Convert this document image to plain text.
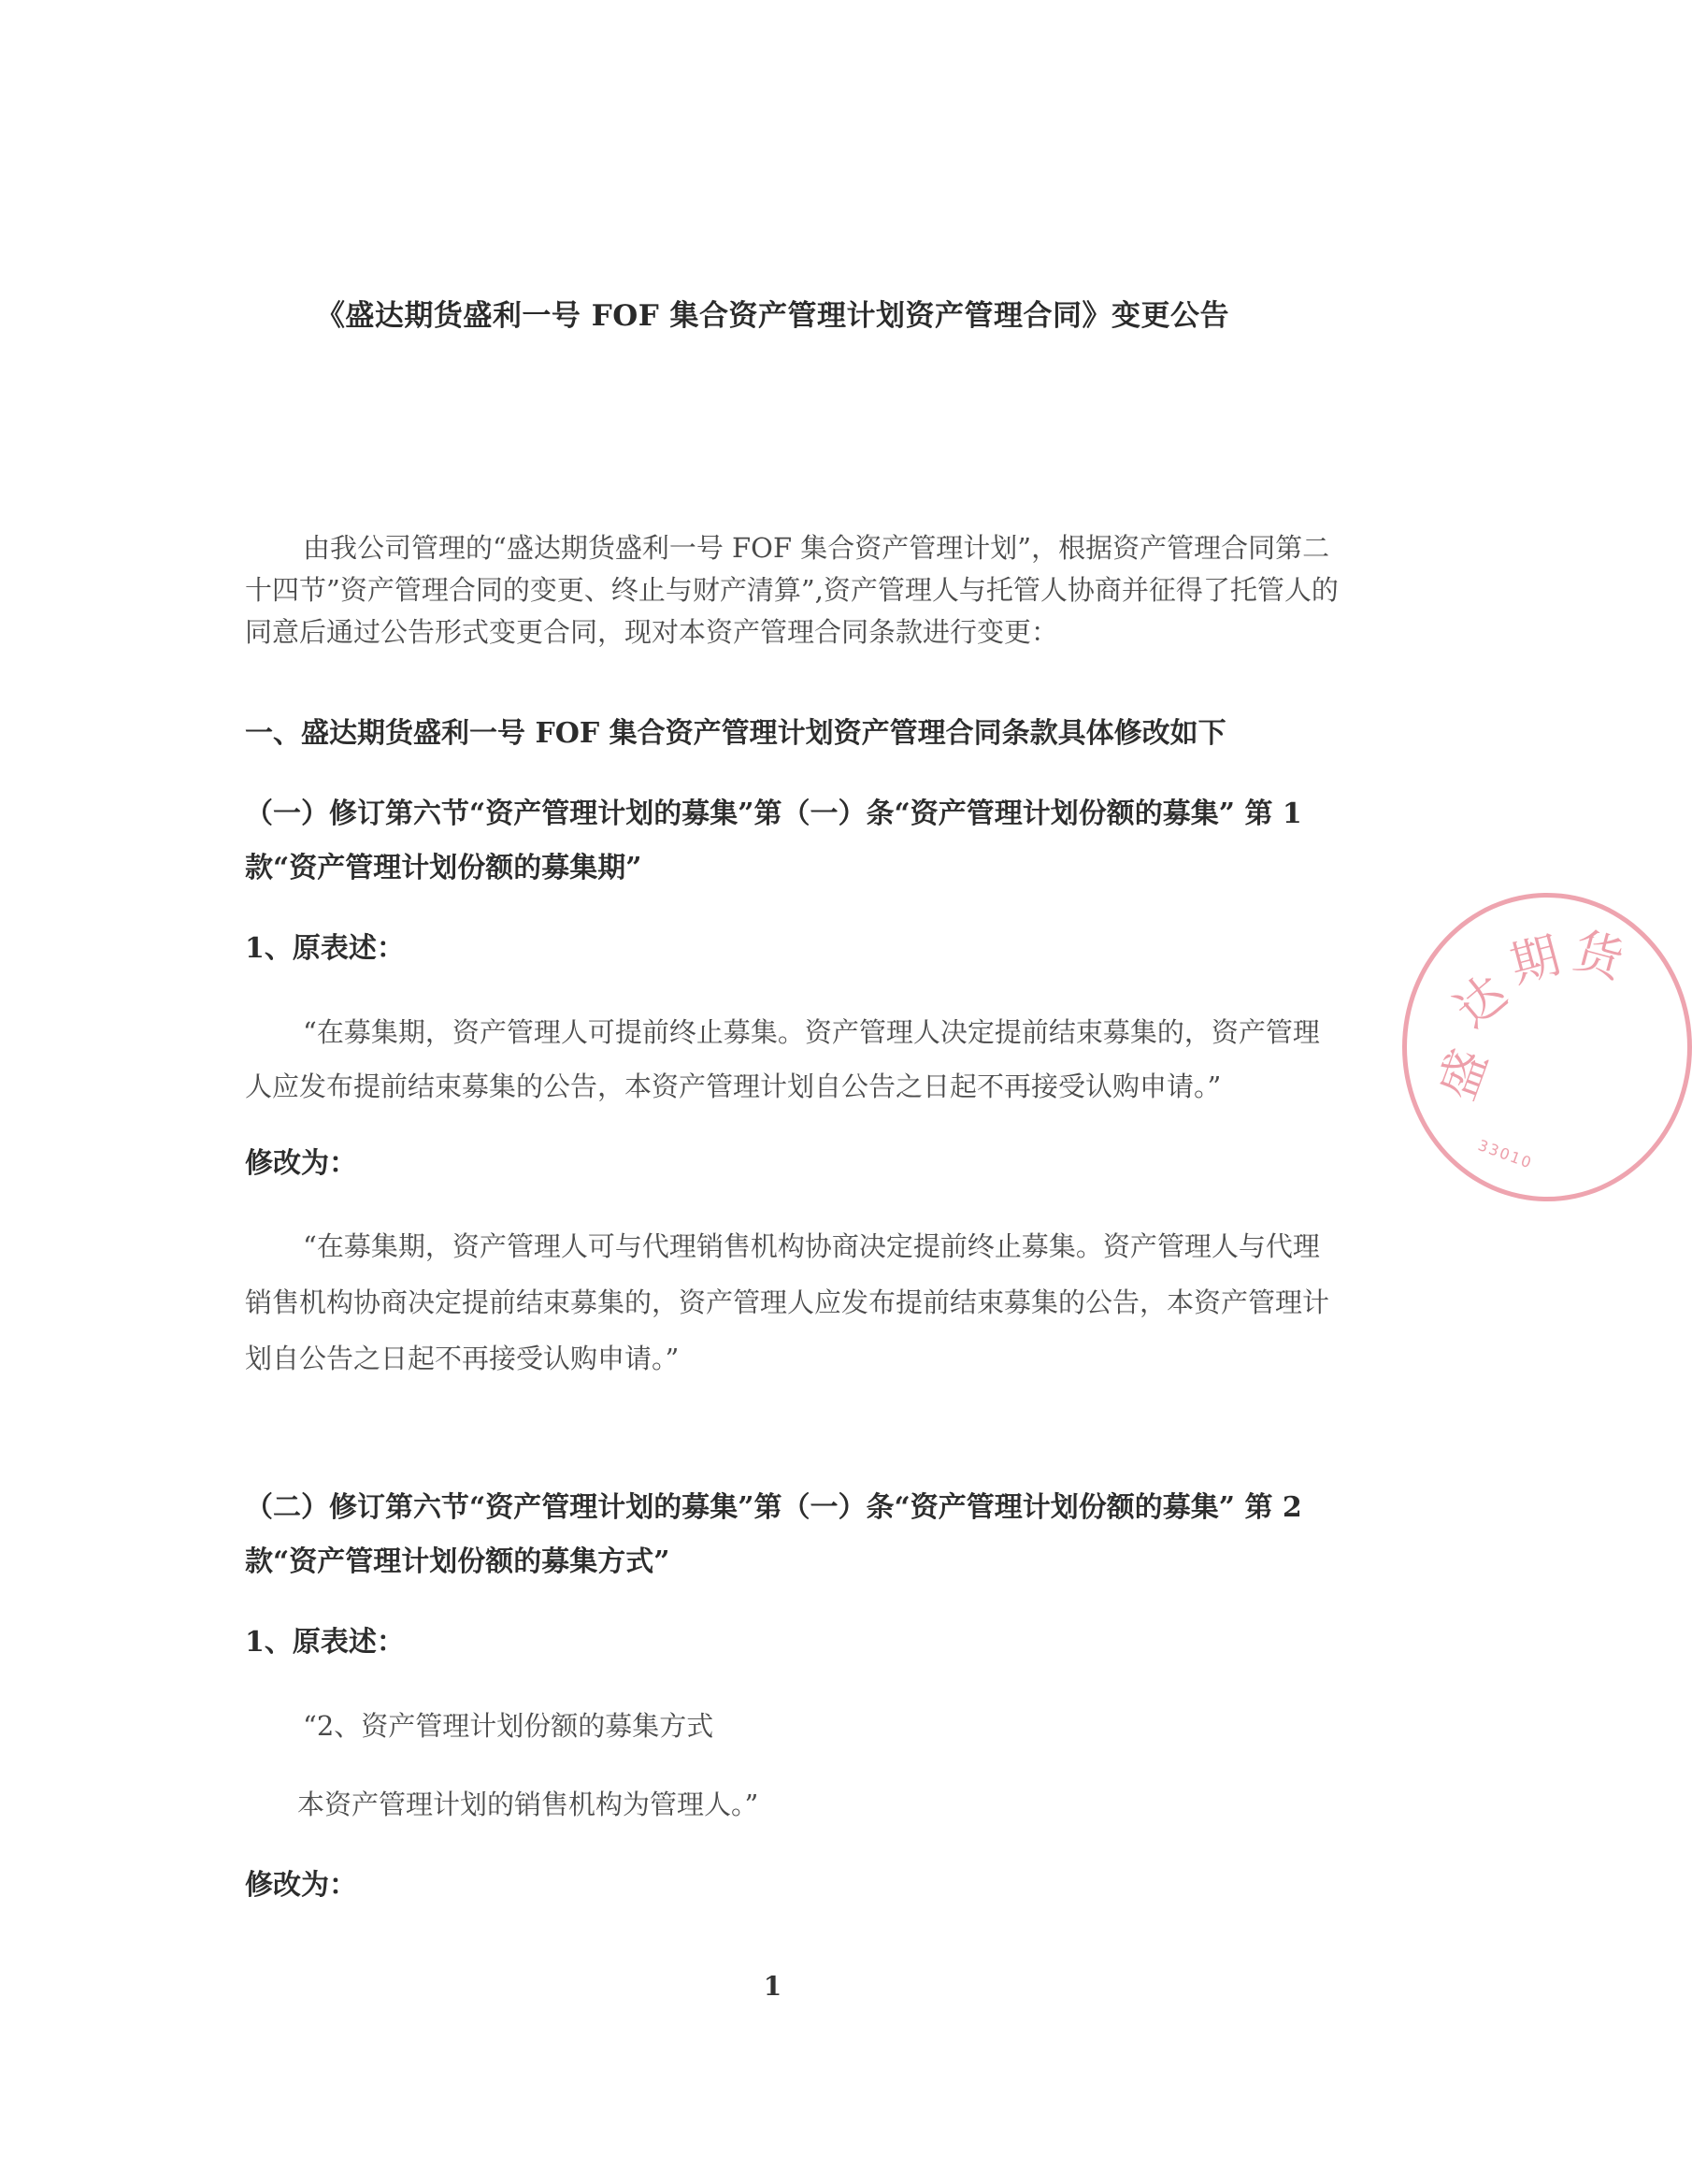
《盛达期货盛利一号 FOF 集合资产管理计划资产管理合同》变更公告
由我公司管理的“盛达期货盛利一号 FOF 集合资产管理计划”，根据资产管理合同第二十四节”资产管理合同的变更、终止与财产清算”,资产管理人与托管人协商并征得了托管人的同意后通过公告形式变更合同，现对本资产管理合同条款进行变更：
一、盛达期货盛利一号 FOF 集合资产管理计划资产管理合同条款具体修改如下
（一）修订第六节“资产管理计划的募集”第（一）条“资产管理计划份额的募集” 第 1 款“资产管理计划份额的募集期”
1、原表述：
“在募集期，资产管理人可提前终止募集。资产管理人决定提前结束募集的，资产管理人应发布提前结束募集的公告，本资产管理计划自公告之日起不再接受认购申请。”
修改为：
“在募集期，资产管理人可与代理销售机构协商决定提前终止募集。资产管理人与代理销售机构协商决定提前结束募集的，资产管理人应发布提前结束募集的公告，本资产管理计划自公告之日起不再接受认购申请。”
（二）修订第六节“资产管理计划的募集”第（一）条“资产管理计划份额的募集” 第 2 款“资产管理计划份额的募集方式”
1、原表述：
“2、资产管理计划份额的募集方式
本资产管理计划的销售机构为管理人。”
修改为：
1
盛
达
期 货
33010
